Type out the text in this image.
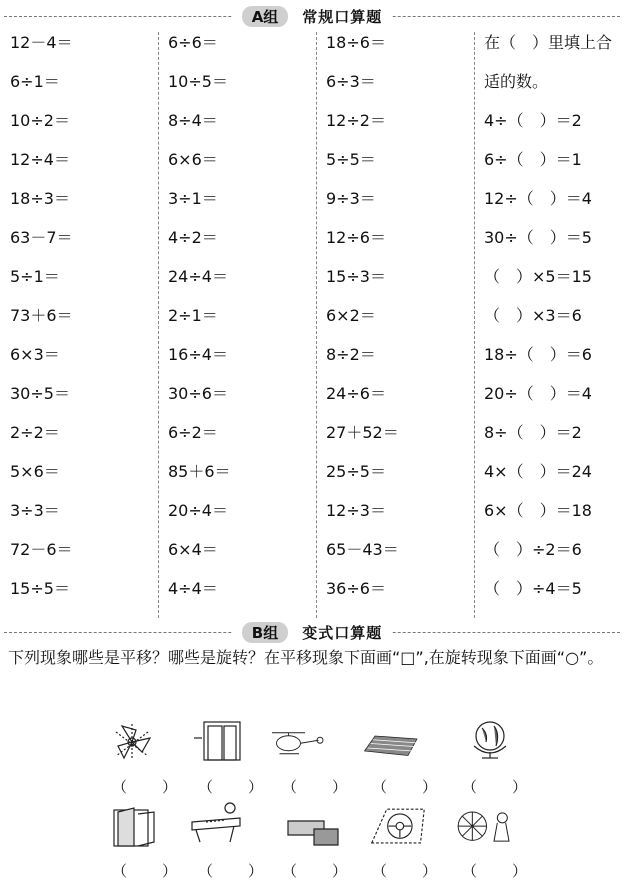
A组	常规口算题
12－4＝
6÷1＝
10÷2＝
12÷4＝
18÷3＝
63－7＝
5÷1＝
73＋6＝
6×3＝
30÷5＝
2÷2＝
5×6＝
3÷3＝
72－6＝
15÷5＝
6÷6＝
10÷5＝
8÷4＝
6×6＝
3÷1＝
4÷2＝
24÷4＝
2÷1＝
16÷4＝
30÷6＝
6÷2＝
85＋6＝
20÷4＝
6×4＝
4÷4＝
18÷6＝
6÷3＝
12÷2＝
5÷5＝
9÷3＝
12÷6＝
15÷3＝
6×2＝
8÷2＝
24÷6＝
27＋52＝
25÷5＝
12÷3＝
65－43＝
36÷6＝
在（　）里填上合
适的数。
4÷（　）＝2
6÷（　）＝1
12÷（　）＝4
30÷（　）＝5
（　）×5＝15
（　）×3＝6
18÷（　）＝6
20÷（　）＝4
8÷（　）＝2
4×（　）＝24
6×（　）＝18
（　）÷2＝6
（　）÷4＝5
B组	变式口算题
下列现象哪些是平移？哪些是旋转？在平移现象下面画“□”,在旋转现象下面画“○”。
（　） （　） （　） （　） （　）
（　） （　） （　） （　） （　）
